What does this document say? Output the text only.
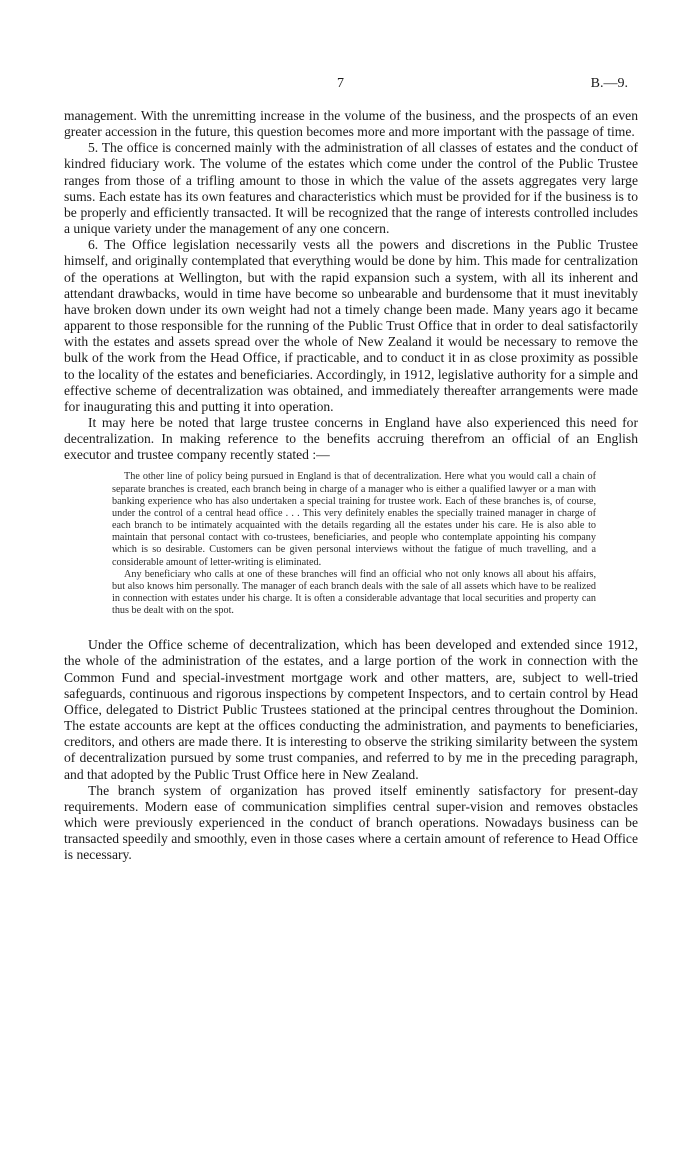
7	B.—9.

management. With the unremitting increase in the volume of the business, and the prospects of an even greater accession in the future, this question becomes more and more important with the passage of time.

5. The office is concerned mainly with the administration of all classes of estates and the conduct of kindred fiduciary work. The volume of the estates which come under the control of the Public Trustee ranges from those of a trifling amount to those in which the value of the assets aggregates very large sums. Each estate has its own features and characteristics which must be provided for if the business is to be properly and efficiently transacted. It will be recognized that the range of interests controlled includes a unique variety under the management of any one concern.

6. The Office legislation necessarily vests all the powers and discretions in the Public Trustee himself, and originally contemplated that everything would be done by him. This made for centralization of the operations at Wellington, but with the rapid expansion such a system, with all its inherent and attendant drawbacks, would in time have become so unbearable and burdensome that it must inevitably have broken down under its own weight had not a timely change been made. Many years ago it became apparent to those responsible for the running of the Public Trust Office that in order to deal satisfactorily with the estates and assets spread over the whole of New Zealand it would be necessary to remove the bulk of the work from the Head Office, if practicable, and to conduct it in as close proximity as possible to the locality of the estates and beneficiaries. Accordingly, in 1912, legislative authority for a simple and effective scheme of decentralization was obtained, and immediately thereafter arrangements were made for inaugurating this and putting it into operation.

It may here be noted that large trustee concerns in England have also experienced this need for decentralization. In making reference to the benefits accruing therefrom an official of an English executor and trustee company recently stated :—

The other line of policy being pursued in England is that of decentralization. Here what you would call a chain of separate branches is created, each branch being in charge of a manager who is either a qualified lawyer or a man with banking experience who has also undertaken a special training for trustee work. Each of these branches is, of course, under the control of a central head office . . . This very definitely enables the specially trained manager in charge of each branch to be intimately acquainted with the details regarding all the estates under his care. He is also able to maintain that personal contact with co-trustees, beneficiaries, and people who contemplate appointing his company which is so desirable. Customers can be given personal interviews without the fatigue of much travelling, and a considerable amount of letter-writing is eliminated.

Any beneficiary who calls at one of these branches will find an official who not only knows all about his affairs, but also knows him personally. The manager of each branch deals with the sale of all assets which have to be realized in connection with estates under his charge. It is often a considerable advantage that local securities and property can thus be dealt with on the spot.

Under the Office scheme of decentralization, which has been developed and extended since 1912, the whole of the administration of the estates, and a large portion of the work in connection with the Common Fund and special-investment mortgage work and other matters, are, subject to well-tried safeguards, continuous and rigorous inspections by competent Inspectors, and to certain control by Head Office, delegated to District Public Trustees stationed at the principal centres throughout the Dominion. The estate accounts are kept at the offices conducting the administration, and payments to beneficiaries, creditors, and others are made there. It is interesting to observe the striking similarity between the system of decentralization pursued by some trust companies, and referred to by me in the preceding paragraph, and that adopted by the Public Trust Office here in New Zealand.

The branch system of organization has proved itself eminently satisfactory for present-day requirements. Modern ease of communication simplifies central super-vision and removes obstacles which were previously experienced in the conduct of branch operations. Nowadays business can be transacted speedily and smoothly, even in those cases where a certain amount of reference to Head Office is necessary.
